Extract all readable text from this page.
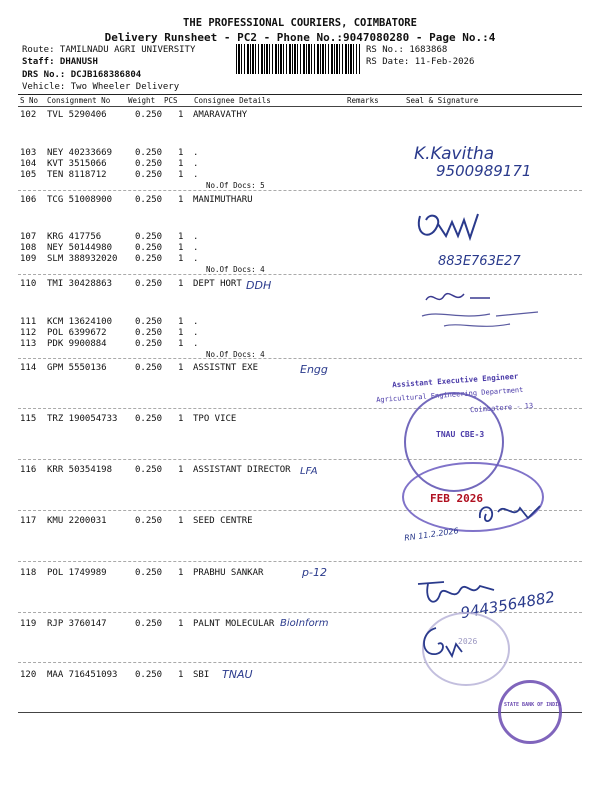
THE PROFESSIONAL COURIERS, COIMBATORE
Delivery Runsheet - PC2 - Phone No.:9047080280 - Page No.:4
Route: TAMILNADU AGRI UNIVERSITY
Staff: DHANUSH
DRS No.: DCJB168386804
Vehicle: Two Wheeler Delivery
RS No.: 1683868
RS Date: 11-Feb-2026
S No Consignment No Weight PCS Consignee Details	Remarks	Seal & Signature
102 TVL 5290406	0.250 1 AMARAVATHY
103 NEY 40233669	0.250 1 .
104 KVT 3515066	0.250 1 .
105 TEN 8118712	0.250 1 .
106 TCG 51008900	0.250 1 MANIMUTHARU
107 KRG 417756	0.250 1 .
108 NEY 50144980	0.250 1 .
109 SLM 388932020 0.250 1 .
110 TMI 30428863	0.250 1 DEPT HORT
111 KCM 13624100	0.250 1 .
112 POL 6399672	0.250 1 .
113 PDK 9900884	0.250 1 .
114 GPM 5550136	0.250 1 ASSISTNT EXE
115 TRZ 190054733 0.250 1 TPO VICE
116 KRR 50354198	0.250 1 ASSISTANT DIRECTOR
117 KMU 2200031	0.250 1 SEED CENTRE
118 POL 1749989	0.250 1 PRABHU SANKAR
119 RJP 3760147	0.250 1 PALNT MOLECULAR
120 MAA 716451093 0.250 1 SBI
No.Of Docs: 5
No.Of Docs: 4
No.Of Docs: 4
DDH
Engg
LFA
p-12
BioInform
TNAU
K.Kavitha
9500989171
883E763E27
Assistant Executive Engineer
Agricultural Engineering Department
Coimbatore - 13
TNAU CBE-3
FEB 2026
RN 11.2.2026
9443564882
2026
STATE BANK OF INDIA
